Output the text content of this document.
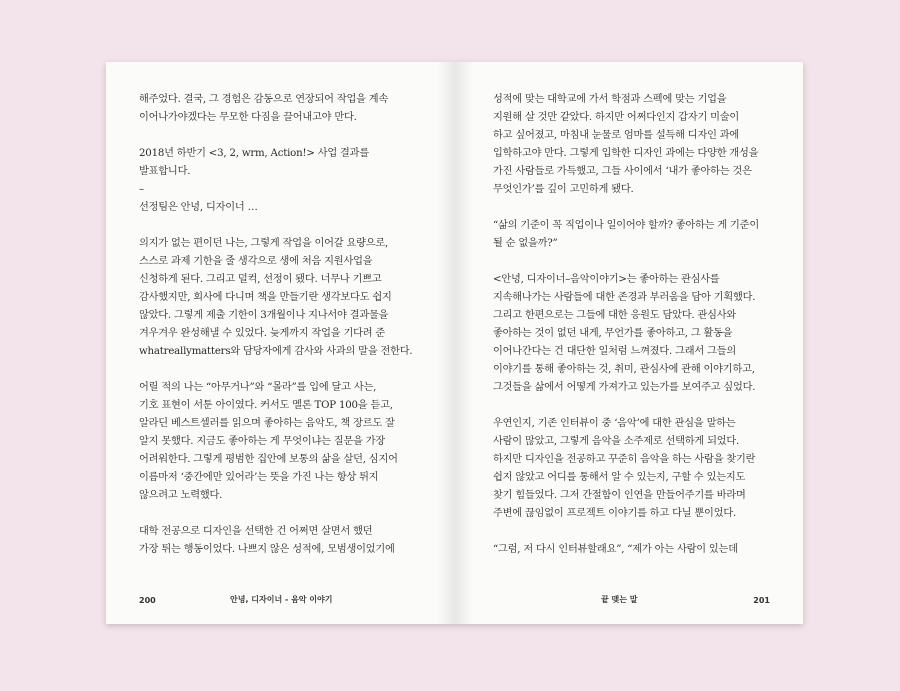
해주었다. 결국, 그 경험은 감동으로 연장되어 작업을 계속
이어나가야겠다는 무모한 다짐을 끌어내고야 만다.
2018년 하반기 <3, 2, wrm, Action!> 사업 결과를
발표합니다.
–
선정팀은 안녕, 디자이너 …
의지가 없는 편이던 나는, 그렇게 작업을 이어갈 요량으로,
스스로 과제 기한을 줄 생각으로 생에 처음 지원사업을
신청하게 된다. 그리고 덜컥, 선정이 됐다. 너무나 기쁘고
감사했지만, 회사에 다니며 책을 만들기란 생각보다도 쉽지
않았다. 그렇게 제출 기한이 3개월이나 지나서야 결과물을
겨우겨우 완성해낼 수 있었다. 늦게까지 작업을 기다려 준
whatreallymatters와 담당자에게 감사와 사과의 말을 전한다.
어릴 적의 나는 “아무거나”와 “몰라”를 입에 달고 사는,
기호 표현이 서툰 아이였다. 커서도 멜론 TOP 100을 듣고,
알라딘 베스트셀러를 읽으며 좋아하는 음악도, 책 장르도 잘
알지 못했다. 지금도 좋아하는 게 무엇이냐는 질문을 가장
어려워한다. 그렇게 평범한 집안에 보통의 삶을 살던, 심지어
이름마저 ‘중간에만 있어라’는 뜻을 가진 나는 항상 튀지
않으려고 노력했다.
대학 전공으로 디자인을 선택한 건 어쩌면 살면서 했던
가장 튀는 행동이었다. 나쁘지 않은 성적에, 모범생이었기에
200	안녕, 디자이너 - 음악 이야기
성적에 맞는 대학교에 가서 학점과 스펙에 맞는 기업을
지원해 살 것만 같았다. 하지만 어쩌다인지 갑자기 미술이
하고 싶어졌고, 마침내 눈물로 엄마를 설득해 디자인 과에
입학하고야 만다. 그렇게 입학한 디자인 과에는 다양한 개성을
가진 사람들로 가득했고, 그들 사이에서 ‘내가 좋아하는 것은
무엇인가’를 깊이 고민하게 됐다.
“삶의 기준이 꼭 직업이나 일이어야 할까? 좋아하는 게 기준이
될 순 없을까?”
<안녕, 디자이너–음악이야기>는 좋아하는 관심사를
지속해나가는 사람들에 대한 존경과 부러움을 담아 기획했다.
그리고 한편으로는 그들에 대한 응원도 담았다. 관심사와
좋아하는 것이 없던 내게, 무언가를 좋아하고, 그 활동을
이어나간다는 건 대단한 일처럼 느껴졌다. 그래서 그들의
이야기를 통해 좋아하는 것, 취미, 관심사에 관해 이야기하고,
그것들을 삶에서 어떻게 가져가고 있는가를 보여주고 싶었다.
우연인지, 기존 인터뷰이 중 ‘음악’에 대한 관심을 말하는
사람이 많았고, 그렇게 음악을 소주제로 선택하게 되었다.
하지만 디자인을 전공하고 꾸준히 음악을 하는 사람을 찾기란
쉽지 않았고 어디를 통해서 알 수 있는지, 구할 수 있는지도
찾기 힘들었다. 그저 간절함이 인연을 만들어주기를 바라며
주변에 끊임없이 프로젝트 이야기를 하고 다닐 뿐이었다.
“그럼, 저 다시 인터뷰할래요”, “제가 아는 사람이 있는데
끝 맺는 말	201
